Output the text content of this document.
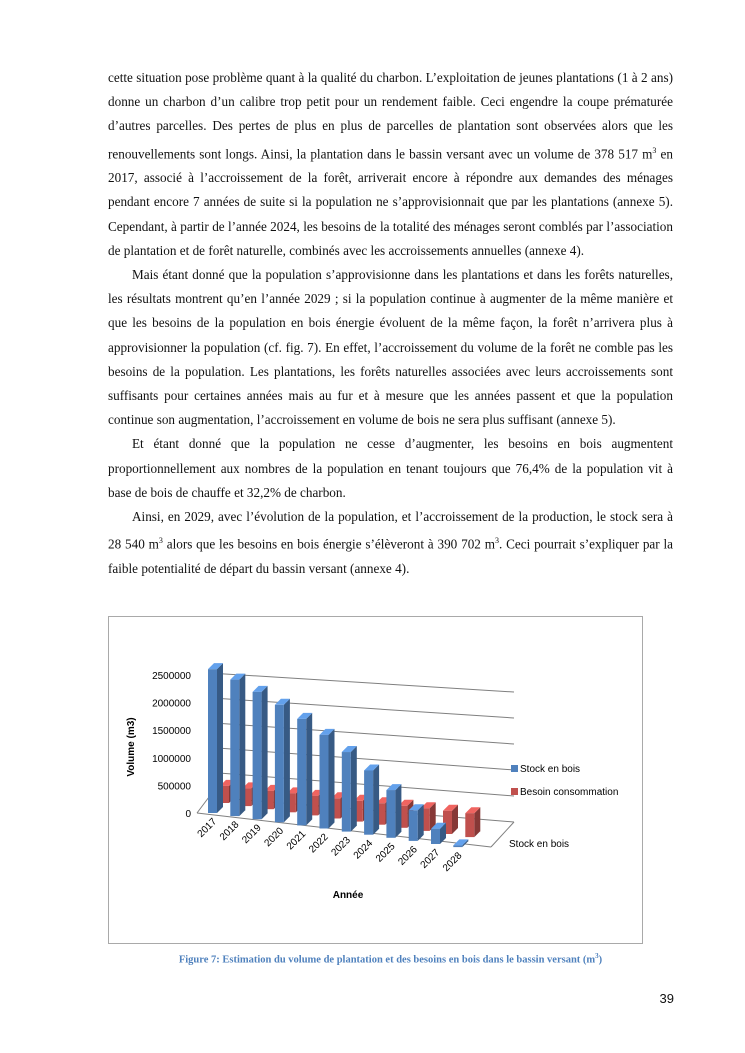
cette situation pose problème quant à la qualité du charbon. L’exploitation de jeunes plantations (1 à 2 ans) donne un charbon d’un calibre trop petit pour un rendement faible. Ceci engendre la coupe prématurée d’autres parcelles. Des pertes de plus en plus de parcelles de plantation sont observées alors que les renouvellements sont longs. Ainsi, la plantation dans le bassin versant avec un volume de 378 517 $m^3$ en 2017, associé à l’accroissement de la forêt, arriverait encore à répondre aux demandes des ménages pendant encore 7 années de suite si la population ne s’approvisionnait que par les plantations (annexe 5). Cependant, à partir de l’année 2024, les besoins de la totalité des ménages seront comblés par l’association de plantation et de forêt naturelle, combinés avec les accroissements annuelles (annexe 4).

Mais étant donné que la population s’approvisionne dans les plantations et dans les forêts naturelles, les résultats montrent qu’en l’année 2029 ; si la population continue à augmenter de la même manière et que les besoins de la population en bois énergie évoluent de la même façon, la forêt n’arrivera plus à approvisionner la population (cf. fig. 7). En effet, l’accroissement du volume de la forêt ne comble pas les besoins de la population. Les plantations, les forêts naturelles associées avec leurs accroissements sont suffisants pour certaines années mais au fur et à mesure que les années passent et que la population continue son augmentation, l’accroissement en volume de bois ne sera plus suffisant (annexe 5).

Et étant donné que la population ne cesse d’augmenter, les besoins en bois augmentent proportionnellement aux nombres de la population en tenant toujours que 76,4% de la population vit à base de bois de chauffe et 32,2% de charbon.

Ainsi, en 2029, avec l’évolution de la population, et l’accroissement de la production, le stock sera à 28 540 $m^3$ alors que les besoins en bois énergie s’élèveront à 390 702 $m^3$. Ceci pourrait s’expliquer par la faible potentialité de départ du bassin versant (annexe 4).

0
500000
1000000
1500000
2000000
2500000
2017
2018
2019
2020
2021
2022
2023
2024
2025
2026
2027
2028
Volume (m3)
Année
Stock en bois
Stock en bois
Besoin consommation
Figure 7: Estimation du volume de plantation et des besoins en bois dans le bassin versant $(m^3)$
39
